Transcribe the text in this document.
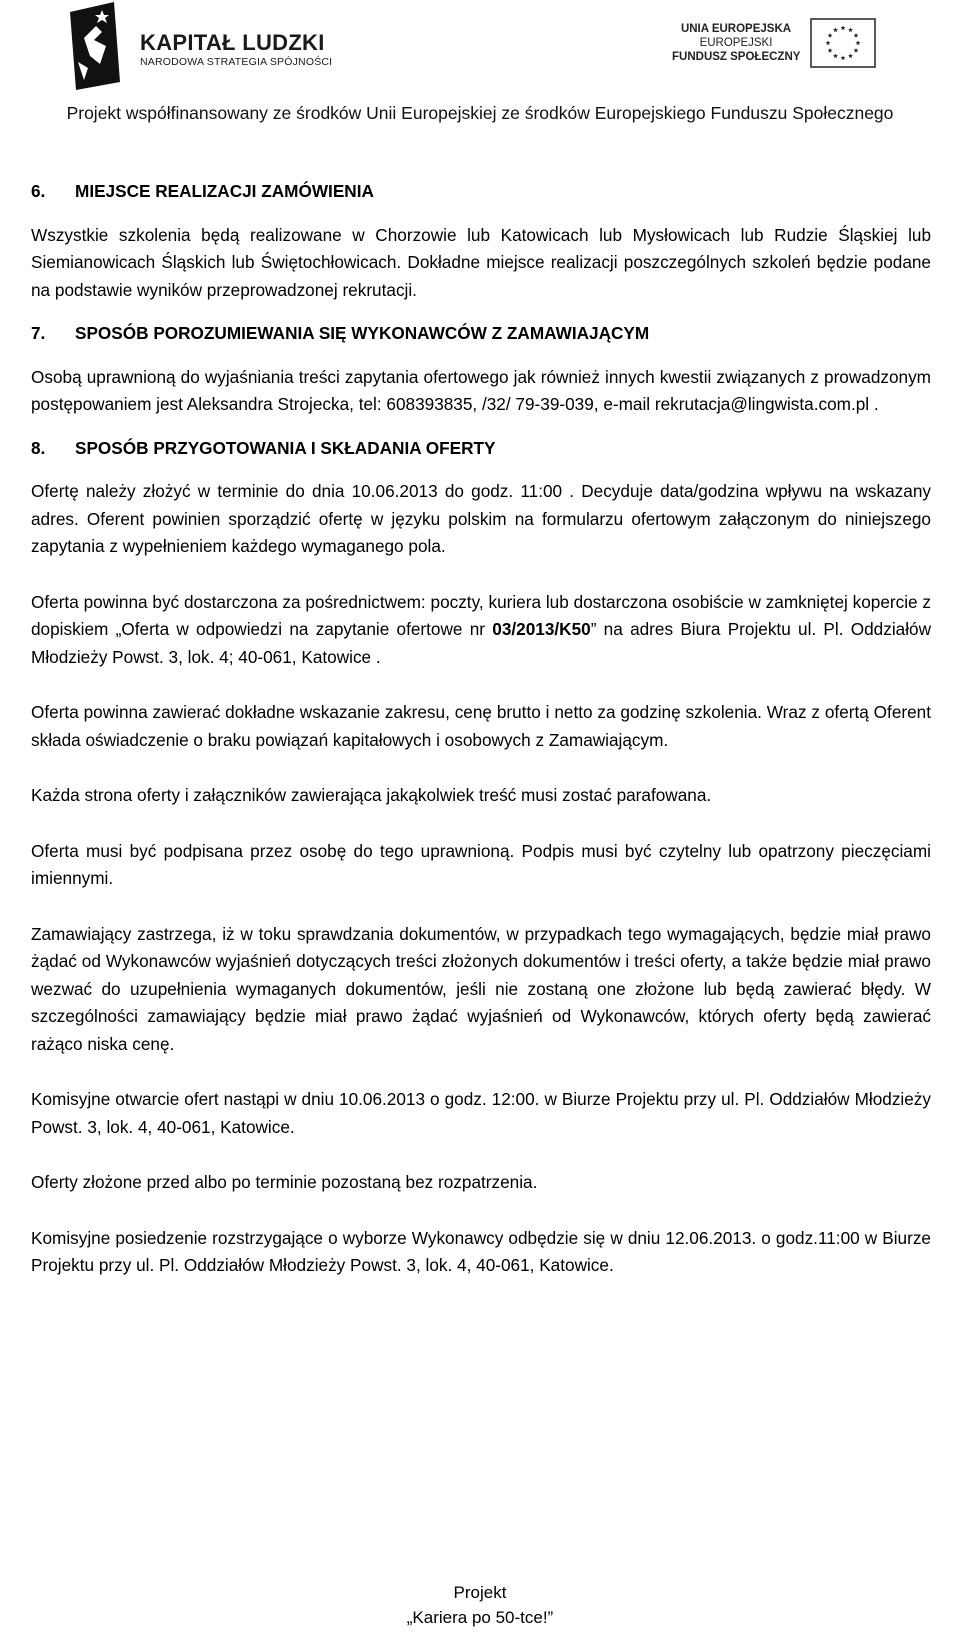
KAPITAŁ LUDZKI
NARODOWA STRATEGIA SPÓJNOŚCI
UNIA EUROPEJSKA
EUROPEJSKI
FUNDUSZ SPOŁECZNY
Projekt współfinansowany ze środków Unii Europejskiej ze środków Europejskiego Funduszu Społecznego
6. MIEJSCE REALIZACJI ZAMÓWIENIA

Wszystkie szkolenia będą realizowane w Chorzowie lub Katowicach lub Mysłowicach lub Rudzie Śląskiej lub Siemianowicach Śląskich lub Świętochłowicach. Dokładne miejsce realizacji poszczególnych szkoleń będzie podane na podstawie wyników przeprowadzonej rekrutacji.

7. SPOSÓB POROZUMIEWANIA SIĘ WYKONAWCÓW Z ZAMAWIAJĄCYM

Osobą uprawnioną do wyjaśniania treści zapytania ofertowego jak również innych kwestii związanych z prowadzonym postępowaniem jest Aleksandra Strojecka, tel: 608393835, /32/ 79-39-039, e-mail rekrutacja@lingwista.com.pl .

8. SPOSÓB PRZYGOTOWANIA I SKŁADANIA OFERTY

Ofertę należy złożyć w terminie do dnia 10.06.2013 do godz. 11:00 . Decyduje data/godzina wpływu na wskazany adres. Oferent powinien sporządzić ofertę w języku polskim na formularzu ofertowym załączonym do niniejszego zapytania z wypełnieniem każdego wymaganego pola.

Oferta powinna być dostarczona za pośrednictwem: poczty, kuriera lub dostarczona osobiście w zamkniętej kopercie z dopiskiem „Oferta w odpowiedzi na zapytanie ofertowe nr 03/2013/K50” na adres Biura Projektu ul. Pl. Oddziałów Młodzieży Powst. 3, lok. 4; 40-061, Katowice .

Oferta powinna zawierać dokładne wskazanie zakresu, cenę brutto i netto za godzinę szkolenia. Wraz z ofertą Oferent składa oświadczenie o braku powiązań kapitałowych i osobowych z Zamawiającym.

Każda strona oferty i załączników zawierająca jakąkolwiek treść musi zostać parafowana.

Oferta musi być podpisana przez osobę do tego uprawnioną. Podpis musi być czytelny lub opatrzony pieczęciami imiennymi.

Zamawiający zastrzega, iż w toku sprawdzania dokumentów, w przypadkach tego wymagających, będzie miał prawo żądać od Wykonawców wyjaśnień dotyczących treści złożonych dokumentów i treści oferty, a także będzie miał prawo wezwać do uzupełnienia wymaganych dokumentów, jeśli nie zostaną one złożone lub będą zawierać błędy. W szczególności zamawiający będzie miał prawo żądać wyjaśnień od Wykonawców, których oferty będą zawierać rażąco niska cenę.

Komisyjne otwarcie ofert nastąpi w dniu 10.06.2013 o godz. 12:00. w Biurze Projektu przy ul. Pl. Oddziałów Młodzieży Powst. 3, lok. 4, 40-061, Katowice.

Oferty złożone przed albo po terminie pozostaną bez rozpatrzenia.

Komisyjne posiedzenie rozstrzygające o wyborze Wykonawcy odbędzie się w dniu 12.06.2013. o godz.11:00 w Biurze Projektu przy ul. Pl. Oddziałów Młodzieży Powst. 3, lok. 4, 40-061, Katowice.

Projekt
„Kariera po 50-tce!”
